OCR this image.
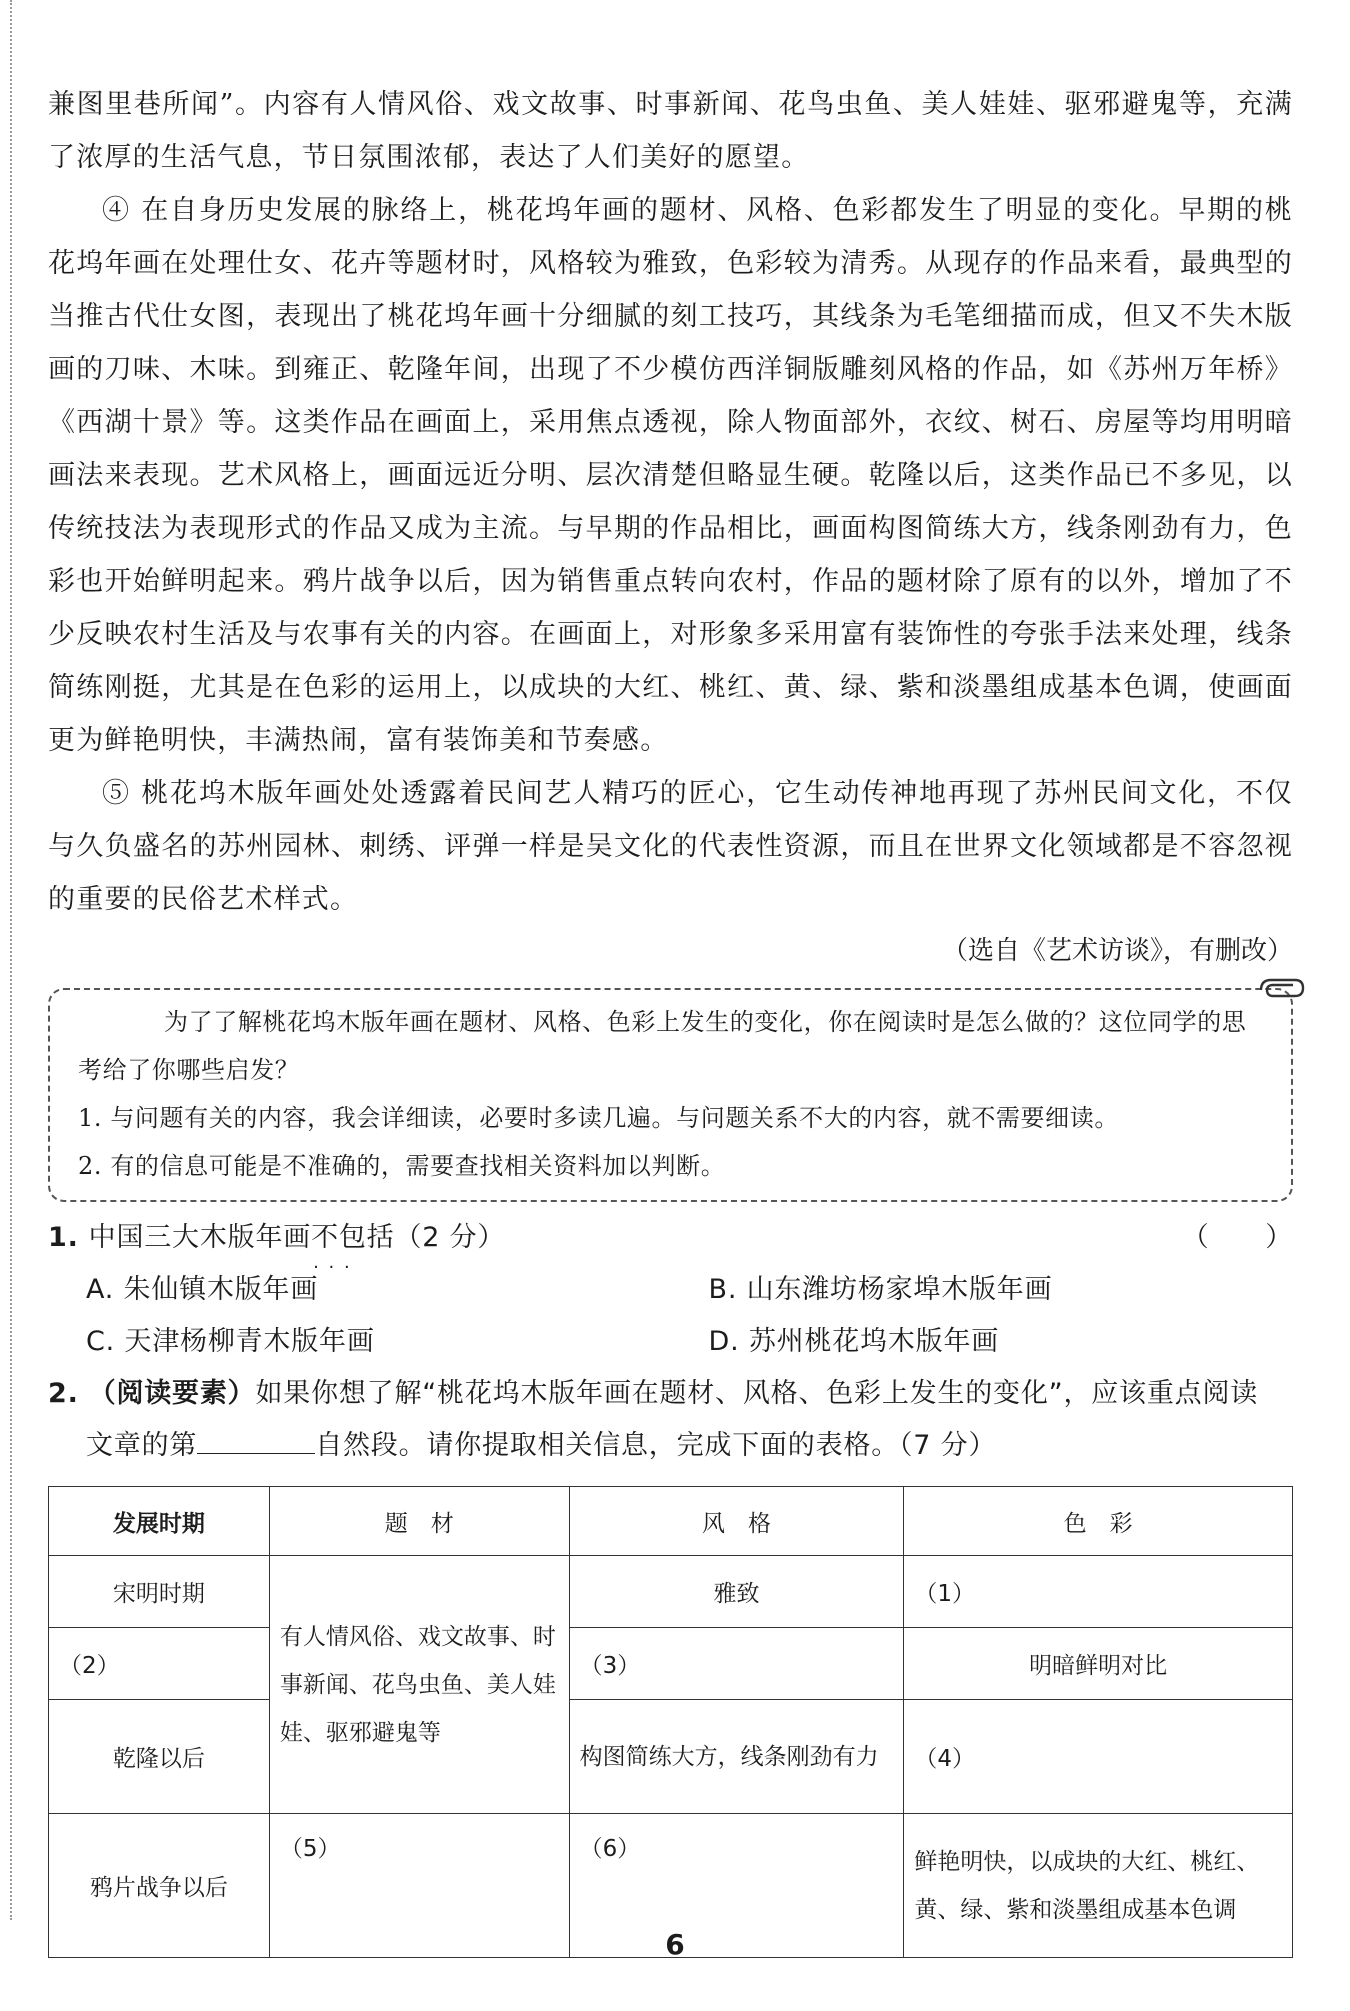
兼图里巷所闻”。内容有人情风俗、戏文故事、时事新闻、花鸟虫鱼、美人娃娃、驱邪避鬼等，充满了浓厚的生活气息，节日氛围浓郁，表达了人们美好的愿望。

④ 在自身历史发展的脉络上，桃花坞年画的题材、风格、色彩都发生了明显的变化。早期的桃花坞年画在处理仕女、花卉等题材时，风格较为雅致，色彩较为清秀。从现存的作品来看，最典型的当推古代仕女图，表现出了桃花坞年画十分细腻的刻工技巧，其线条为毛笔细描而成，但又不失木版画的刀味、木味。到雍正、乾隆年间，出现了不少模仿西洋铜版雕刻风格的作品，如《苏州万年桥》《西湖十景》等。这类作品在画面上，采用焦点透视，除人物面部外，衣纹、树石、房屋等均用明暗画法来表现。艺术风格上，画面远近分明、层次清楚但略显生硬。乾隆以后，这类作品已不多见，以传统技法为表现形式的作品又成为主流。与早期的作品相比，画面构图简练大方，线条刚劲有力，色彩也开始鲜明起来。鸦片战争以后，因为销售重点转向农村，作品的题材除了原有的以外，增加了不少反映农村生活及与农事有关的内容。在画面上，对形象多采用富有装饰性的夸张手法来处理，线条简练刚挺，尤其是在色彩的运用上，以成块的大红、桃红、黄、绿、紫和淡墨组成基本色调，使画面更为鲜艳明快，丰满热闹，富有装饰美和节奏感。

⑤ 桃花坞木版年画处处透露着民间艺人精巧的匠心，它生动传神地再现了苏州民间文化，不仅与久负盛名的苏州园林、刺绣、评弹一样是吴文化的代表性资源，而且在世界文化领域都是不容忽视的重要的民俗艺术样式。

（选自《艺术访谈》，有删改）

为了了解桃花坞木版年画在题材、风格、色彩上发生的变化，你在阅读时是怎么做的？这位同学的思考给了你哪些启发？

1. 与问题有关的内容，我会详细读，必要时多读几遍。与问题关系不大的内容，就不需要细读。

2. 有的信息可能是不准确的，需要查找相关资料加以判断。

1. 中国三大木版年画不包括 · · ·（2 分）	（　　）

A. 朱仙镇木版年画	B. 山东潍坊杨家埠木版年画
C. 天津杨柳青木版年画	D. 苏州桃花坞木版年画

2. （阅读要素）如果你想了解“桃花坞木版年画在题材、风格、色彩上发生的变化”，应该重点阅读

文章的第	自然段。请你提取相关信息，完成下面的表格。（7 分）

发展时期	题　材	风　格	色　彩
宋明时期	有人情风俗、戏文故事、时事新闻、花鸟虫鱼、美人娃娃、驱邪避鬼等	雅致	（1）
（2）		（3）	明暗鲜明对比
乾隆以后		构图简练大方，线条刚劲有力	（4）
鸦片战争以后	（5）	（6）	鲜艳明快，以成块的大红、桃红、黄、绿、紫和淡墨组成基本色调
6
